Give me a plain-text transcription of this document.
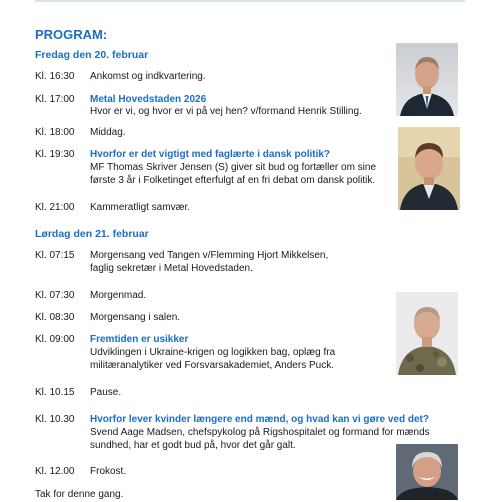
PROGRAM:
Fredag den 20. februar
Kl. 16:30 Ankomst og indkvartering.
Kl. 17:00 Metal Hovedstaden 2026
Hvor er vi, og hvor er vi på vej hen? v/formand Henrik Stilling.
Kl. 18:00 Middag.
Kl. 19:30 Hvorfor er det vigtigt med faglærte i dansk politik?
MF Thomas Skriver Jensen (S) giver sit bud og fortæller om sine
første 3 år i Folketinget efterfulgt af en fri debat om dansk politik.
Kl. 21:00 Kammeratligt samvær.
Lørdag den 21. februar
Kl. 07:15 Morgensang ved Tangen v/Flemming Hjort Mikkelsen,
faglig sekretær i Metal Hovedstaden.
Kl. 07:30 Morgenmad.
Kl. 08:30 Morgensang i salen.
Kl. 09:00 Fremtiden er usikker
Udviklingen i Ukraine-krigen og logikken bag, oplæg fra
militæranalytiker ved Forsvarsakademiet, Anders Puck.
Kl. 10.15 Pause.
Kl. 10.30 Hvorfor lever kvinder længere end mænd, og hvad kan vi gøre ved det?
Svend Aage Madsen, chefspykolog på Rigshospitalet og formand for mænds
sundhed, har et godt bud på, hvor det går galt.
Kl. 12.00 Frokost.
Tak for denne gang.
